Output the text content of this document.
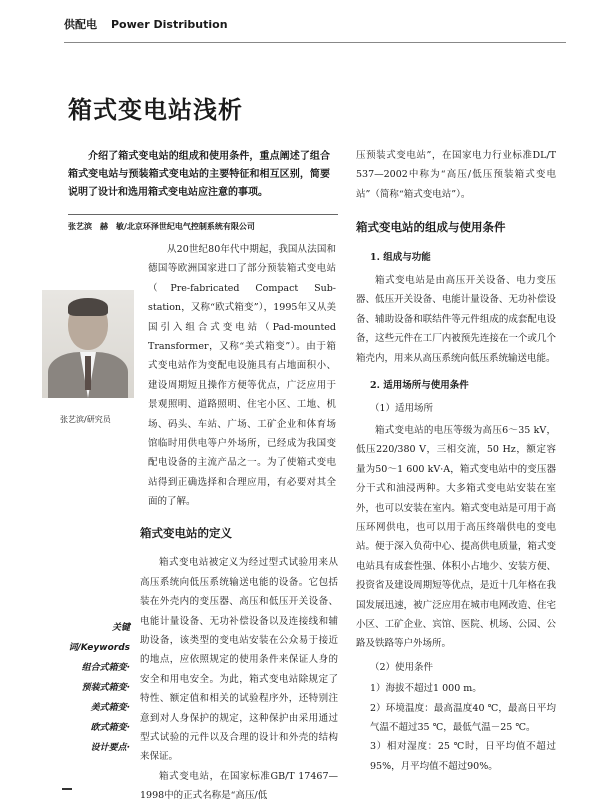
供配电 Power Distribution
箱式变电站浅析

介绍了箱式变电站的组成和使用条件，重点阐述了组合箱式变电站与预装箱式变电站的主要特征和相互区别，简要说明了设计和选用箱式变电站应注意的事项。

张艺滨　赫　敏/北京环泽世纪电气控制系统有限公司
张艺滨/研究员

从20世纪80年代中期起，我国从法国和德国等欧洲国家进口了部分预装箱式变电站（Pre-fabricated Compact Sub-station，又称“欧式箱变”），1995年又从美国引入组合式变电站（Pad-mounted Transformer，又称“美式箱变”）。由于箱式变电站作为变配电设施具有占地面积小、建设周期短且操作方便等优点，广泛应用于景观照明、道路照明、住宅小区、工地、机场、码头、车站、广场、工矿企业和体育场馆临时用供电等户外场所，已经成为我国变配电设备的主流产品之一。为了使箱式变电站得到正确选择和合理应用，有必要对其全面的了解。

箱式变电站的定义

箱式变电站被定义为经过型式试验用来从高压系统向低压系统输送电能的设备。它包括装在外壳内的变压器、高压和低压开关设备、电能计量设备、无功补偿设备以及连接线和辅助设备，该类型的变电站安装在公众易于接近的地点，应依照规定的使用条件来保证人身的安全和用电安全。为此，箱式变电站除规定了特性、额定值和相关的试验程序外，还特别注意到对人身保护的规定，这种保护由采用通过型式试验的元件以及合理的设计和外壳的结构来保证。

箱式变电站，在国家标准GB/T 17467—1998中的正式名称是“高压/低

压预装式变电站”，在国家电力行业标准DL/T 537—2002中称为“高压/低压预装箱式变电站”（简称“箱式变电站”）。

箱式变电站的组成与使用条件
1. 组成与功能

箱式变电站是由高压开关设备、电力变压器、低压开关设备、电能计量设备、无功补偿设备、辅助设备和联结件等元件组成的成套配电设备，这些元件在工厂内被预先连接在一个或几个箱壳内，用来从高压系统向低压系统输送电能。

2. 适用场所与使用条件
（1）适用场所

箱式变电站的电压等级为高压6～35 kV，低压220/380 V，三相交流，50 Hz，额定容量为50～1 600 kV·A，箱式变电站中的变压器分干式和油浸两种。大多箱式变电站安装在室外，也可以安装在室内。箱式变电站是可用于高压环网供电，也可以用于高压终端供电的变电站。便于深入负荷中心、提高供电质量，箱式变电站具有成套性强、体积小占地少、安装方便、投资省及建设周期短等优点，是近十几年格在我国发展迅速，被广泛应用在城市电网改造、住宅小区、工矿企业、宾馆、医院、机场、公园、公路及铁路等户外场所。

（2）使用条件

1）海拔不超过1 000 m。

2）环境温度：最高温度40 ℃，最高日平均气温不超过35 ℃，最低气温－25 ℃。

3）相对湿度：25 ℃时，日平均值不超过95%，月平均值不超过90%。

关键词/Keywords
组合式箱变·
预装式箱变·
美式箱变·
欧式箱变·
设计要点·
